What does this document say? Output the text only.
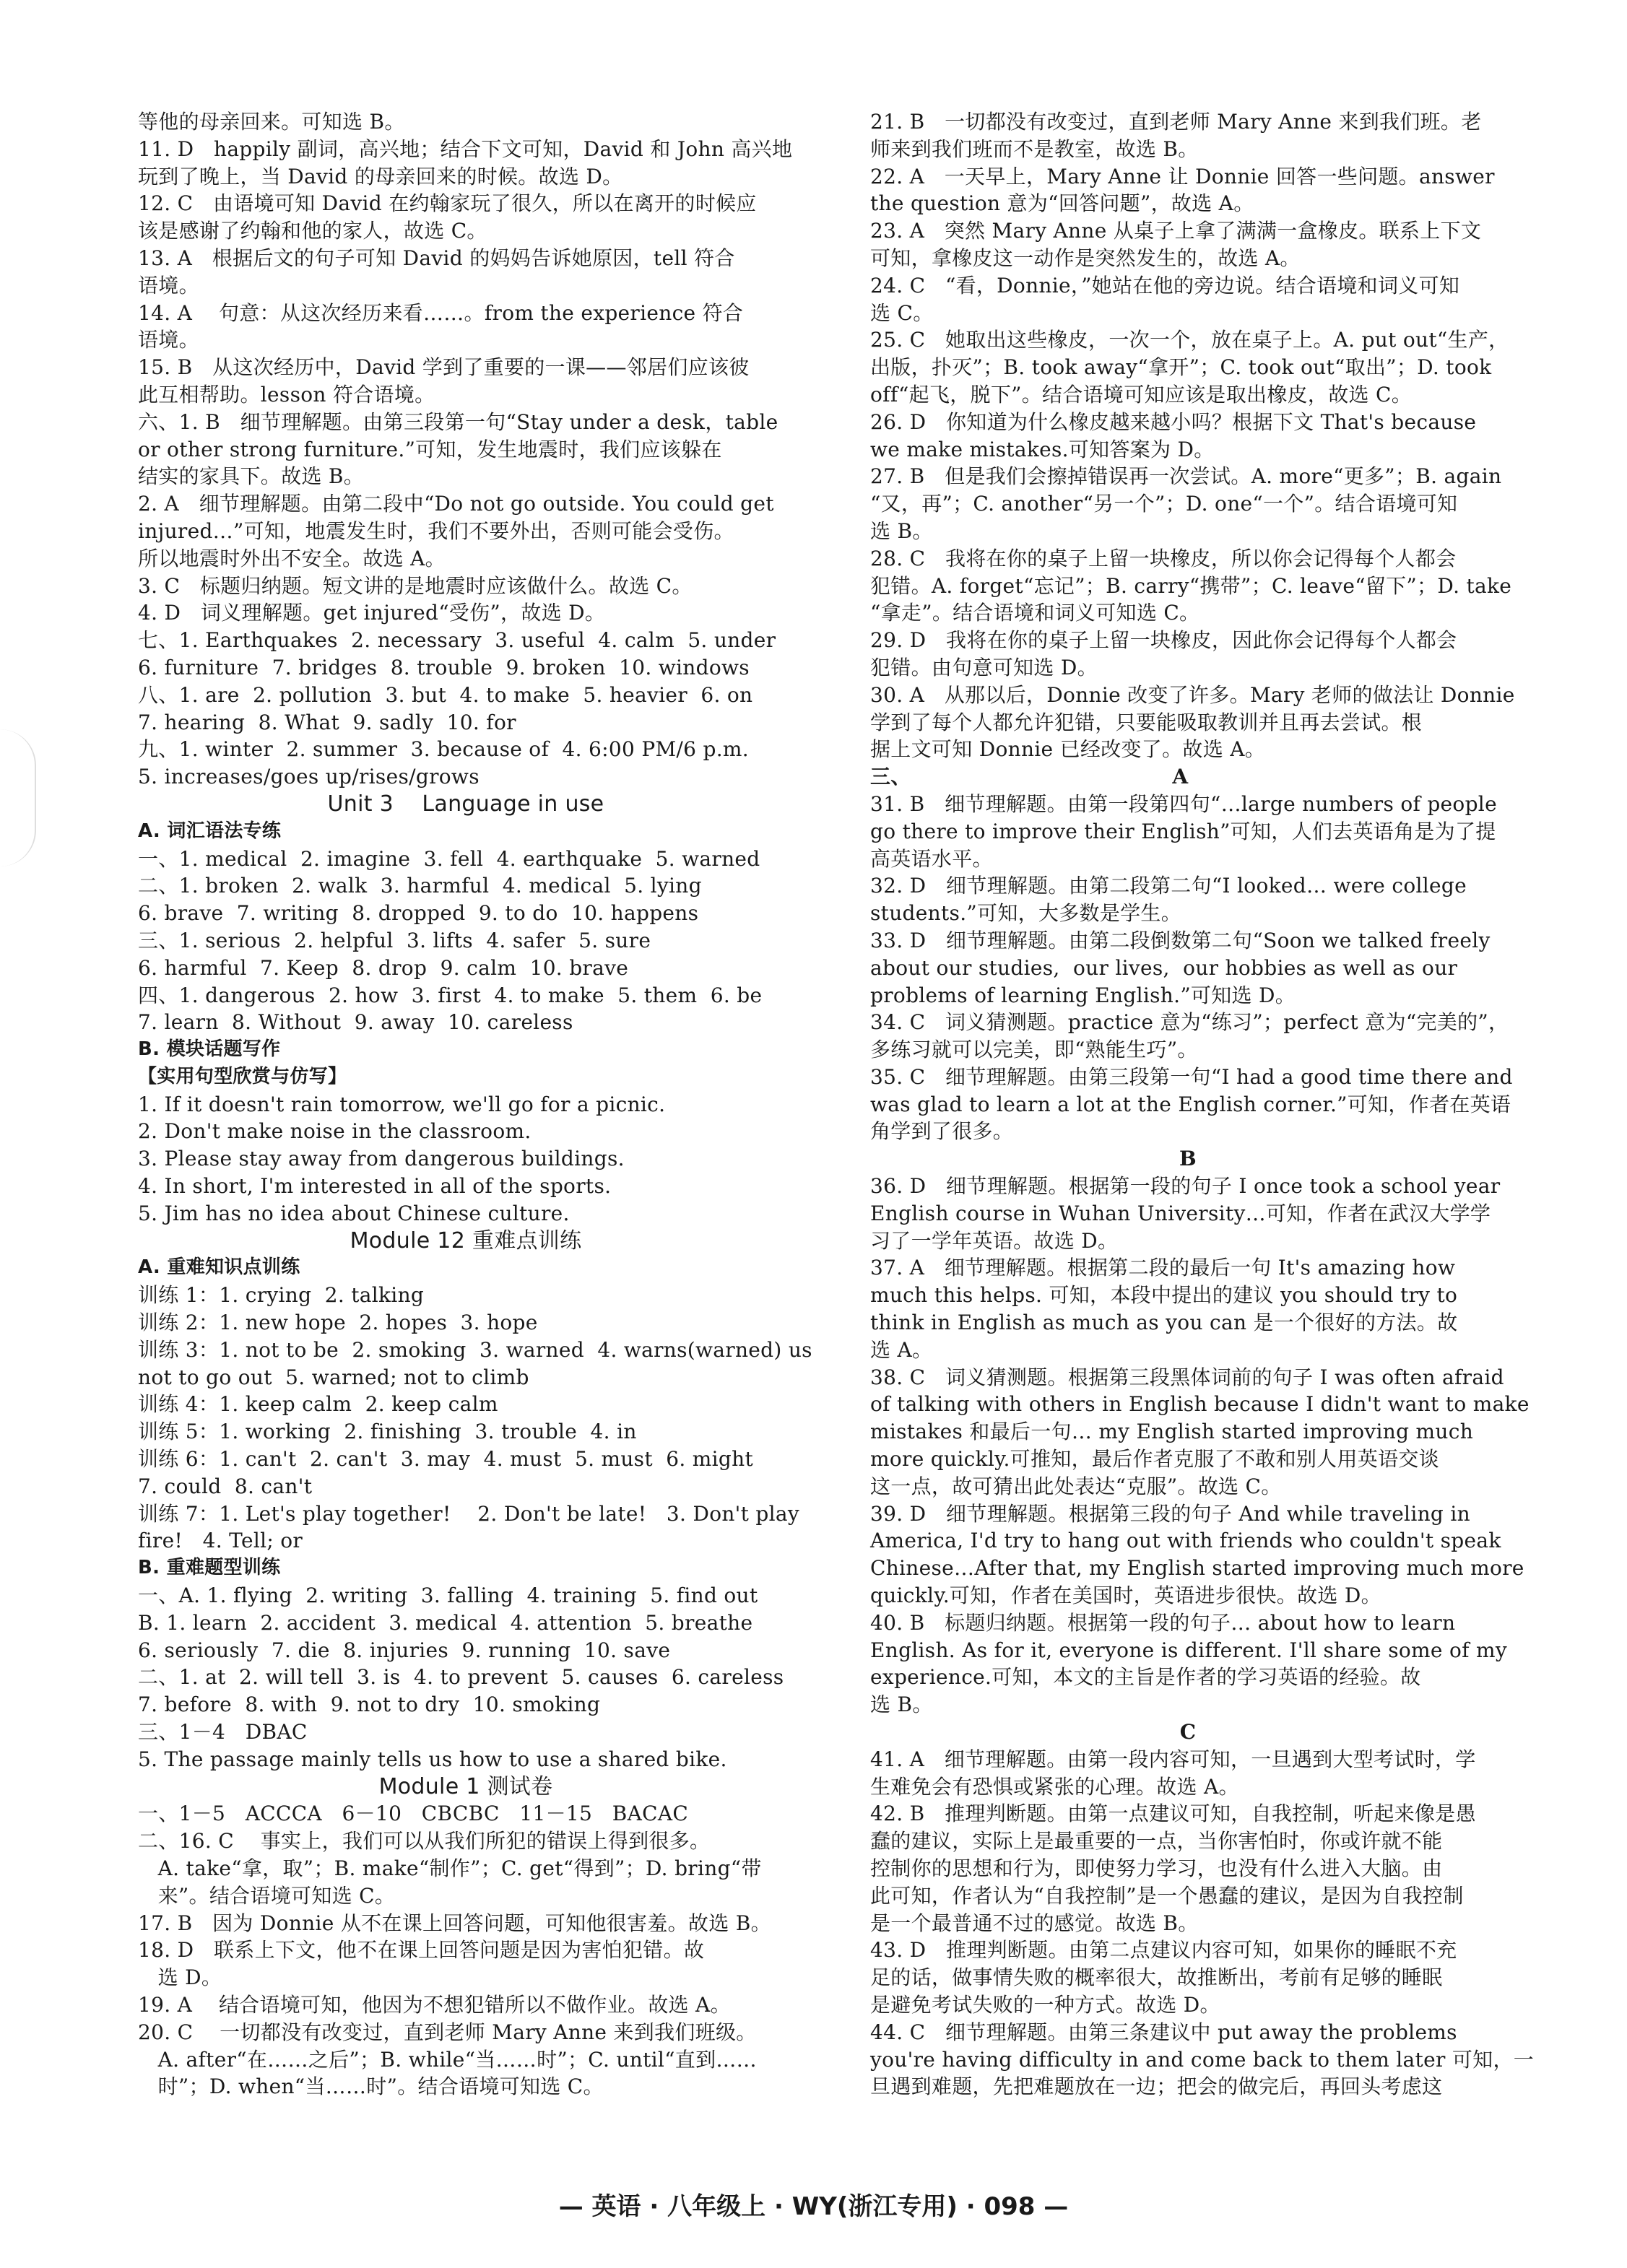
等他的母亲回来。可知选 B。
11. D   happily 副词，高兴地；结合下文可知，David 和 John 高兴地
玩到了晚上，当 David 的母亲回来的时候。故选 D。
12. C   由语境可知 David 在约翰家玩了很久，所以在离开的时候应
该是感谢了约翰和他的家人，故选 C。
13. A   根据后文的句子可知 David 的妈妈告诉她原因，tell 符合
语境。
14. A    句意：从这次经历来看……。from the experience 符合
语境。
15. B   从这次经历中，David 学到了重要的一课——邻居们应该彼
此互相帮助。lesson 符合语境。
六、1. B   细节理解题。由第三段第一句“Stay under a desk，table
or other strong furniture.”可知，发生地震时，我们应该躲在
结实的家具下。故选 B。
2. A   细节理解题。由第二段中“Do not go outside. You could get
injured…”可知，地震发生时，我们不要外出，否则可能会受伤。
所以地震时外出不安全。故选 A。
3. C   标题归纳题。短文讲的是地震时应该做什么。故选 C。
4. D   词义理解题。get injured“受伤”，故选 D。
七、1. Earthquakes  2. necessary  3. useful  4. calm  5. under
6. furniture  7. bridges  8. trouble  9. broken  10. windows
八、1. are  2. pollution  3. but  4. to make  5. heavier  6. on
7. hearing  8. What  9. sadly  10. for
九、1. winter  2. summer  3. because of  4. 6:00 PM/6 p.m.
5. increases/goes up/rises/grows
Unit 3    Language in use
A. 词汇语法专练
一、1. medical  2. imagine  3. fell  4. earthquake  5. warned
二、1. broken  2. walk  3. harmful  4. medical  5. lying
6. brave  7. writing  8. dropped  9. to do  10. happens
三、1. serious  2. helpful  3. lifts  4. safer  5. sure
6. harmful  7. Keep  8. drop  9. calm  10. brave
四、1. dangerous  2. how  3. first  4. to make  5. them  6. be
7. learn  8. Without  9. away  10. careless
B. 模块话题写作
【实用句型欣赏与仿写】
1. If it doesn't rain tomorrow, we'll go for a picnic.
2. Don't make noise in the classroom.
3. Please stay away from dangerous buildings.
4. In short, I'm interested in all of the sports.
5. Jim has no idea about Chinese culture.
Module 12 重难点训练
A. 重难知识点训练
训练 1：1. crying  2. talking
训练 2：1. new hope  2. hopes  3. hope
训练 3：1. not to be  2. smoking  3. warned  4. warns(warned) us
not to go out  5. warned; not to climb
训练 4：1. keep calm  2. keep calm
训练 5：1. working  2. finishing  3. trouble  4. in
训练 6：1. can't  2. can't  3. may  4. must  5. must  6. might
7. could  8. can't
训练 7：1. Let's play together!    2. Don't be late!   3. Don't play
fire!   4. Tell; or
B. 重难题型训练
一、A. 1. flying  2. writing  3. falling  4. training  5. find out
B. 1. learn  2. accident  3. medical  4. attention  5. breathe
6. seriously  7. die  8. injuries  9. running  10. save
二、1. at  2. will tell  3. is  4. to prevent  5. causes  6. careless
7. before  8. with  9. not to dry  10. smoking
三、1－4   DBAC
5. The passage mainly tells us how to use a shared bike.
Module 1 测试卷
一、1－5   ACCCA   6－10   CBCBC   11－15   BACAC
二、16. C    事实上，我们可以从我们所犯的错误上得到很多。
A. take“拿，取”；B. make“制作”；C. get“得到”；D. bring“带
来”。结合语境可知选 C。
17. B   因为 Donnie 从不在课上回答问题，可知他很害羞。故选 B。
18. D   联系上下文，他不在课上回答问题是因为害怕犯错。故
选 D。
19. A    结合语境可知，他因为不想犯错所以不做作业。故选 A。
20. C    一切都没有改变过，直到老师 Mary Anne 来到我们班级。
A. after“在……之后”；B. while“当……时”；C. until“直到……
时”；D. when“当……时”。结合语境可知选 C。
21. B   一切都没有改变过，直到老师 Mary Anne 来到我们班。老
师来到我们班而不是教室，故选 B。
22. A   一天早上，Mary Anne 让 Donnie 回答一些问题。answer
the question 意为“回答问题”，故选 A。
23. A   突然 Mary Anne 从桌子上拿了满满一盒橡皮。联系上下文
可知，拿橡皮这一动作是突然发生的，故选 A。
24. C   “看，Donnie，”她站在他的旁边说。结合语境和词义可知
选 C。
25. C   她取出这些橡皮，一次一个，放在桌子上。A. put out“生产，
出版，扑灭”；B. took away“拿开”；C. took out“取出”；D. took
off“起飞，脱下”。结合语境可知应该是取出橡皮，故选 C。
26. D   你知道为什么橡皮越来越小吗？根据下文 That's because
we make mistakes.可知答案为 D。
27. B   但是我们会擦掉错误再一次尝试。A. more“更多”；B. again
“又，再”；C. another“另一个”；D. one“一个”。结合语境可知
选 B。
28. C   我将在你的桌子上留一块橡皮，所以你会记得每个人都会
犯错。A. forget“忘记”；B. carry“携带”；C. leave“留下”；D. take
“拿走”。结合语境和词义可知选 C。
29. D   我将在你的桌子上留一块橡皮，因此你会记得每个人都会
犯错。由句意可知选 D。
30. A   从那以后，Donnie 改变了许多。Mary 老师的做法让 Donnie
学到了每个人都允许犯错，只要能吸取教训并且再去尝试。根
据上文可知 Donnie 已经改变了。故选 A。
三、                                    A
31. B   细节理解题。由第一段第四句“…large numbers of people
go there to improve their English”可知，人们去英语角是为了提
高英语水平。
32. D   细节理解题。由第二段第二句“I looked… were college
students.”可知，大多数是学生。
33. D   细节理解题。由第二段倒数第二句“Soon we talked freely
about our studies,  our lives,  our hobbies as well as our
problems of learning English.”可知选 D。
34. C   词义猜测题。practice 意为“练习”；perfect 意为“完美的”，
多练习就可以完美，即“熟能生巧”。
35. C   细节理解题。由第三段第一句“I had a good time there and
was glad to learn a lot at the English corner.”可知，作者在英语
角学到了很多。
B
36. D   细节理解题。根据第一段的句子 I once took a school year
English course in Wuhan University…可知，作者在武汉大学学
习了一学年英语。故选 D。
37. A   细节理解题。根据第二段的最后一句 It's amazing how
much this helps. 可知，本段中提出的建议 you should try to
think in English as much as you can 是一个很好的方法。故
选 A。
38. C   词义猜测题。根据第三段黑体词前的句子 I was often afraid
of talking with others in English because I didn't want to make
mistakes 和最后一句… my English started improving much
more quickly.可推知，最后作者克服了不敢和别人用英语交谈
这一点，故可猜出此处表达“克服”。故选 C。
39. D   细节理解题。根据第三段的句子 And while traveling in
America, I'd try to hang out with friends who couldn't speak
Chinese…After that, my English started improving much more
quickly.可知，作者在美国时，英语进步很快。故选 D。
40. B   标题归纳题。根据第一段的句子… about how to learn
English. As for it, everyone is different. I'll share some of my
experience.可知，本文的主旨是作者的学习英语的经验。故
选 B。
C
41. A   细节理解题。由第一段内容可知，一旦遇到大型考试时，学
生难免会有恐惧或紧张的心理。故选 A。
42. B   推理判断题。由第一点建议可知，自我控制，听起来像是愚
蠢的建议，实际上是最重要的一点，当你害怕时，你或许就不能
控制你的思想和行为，即使努力学习，也没有什么进入大脑。由
此可知，作者认为“自我控制”是一个愚蠢的建议，是因为自我控制
是一个最普通不过的感觉。故选 B。
43. D   推理判断题。由第二点建议内容可知，如果你的睡眠不充
足的话，做事情失败的概率很大，故推断出，考前有足够的睡眠
是避免考试失败的一种方式。故选 D。
44. C   细节理解题。由第三条建议中 put away the problems
you're having difficulty in and come back to them later 可知，一
旦遇到难题，先把难题放在一边；把会的做完后，再回头考虑这
— 英语 · 八年级上 · WY(浙江专用) · 098 —
